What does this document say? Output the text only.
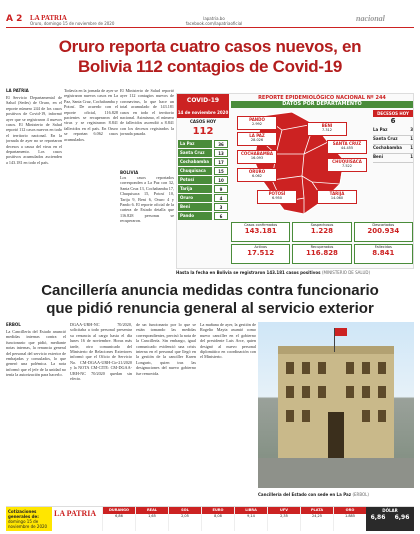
A 2 LA PATRIA
Oruro, domingo 15 de noviembre de 2020
lapatria.bo
facebook.com/lapatriaoficial
nacional
Oruro reporta cuatro casos nuevos, en
Bolivia 112 contagios de Covid-19
LA PATRIA
El Servicio Departamental de Salud (Sedes) de Oruro, en el reporte número 244 de los casos positivos de Covid-19, informó ayer que se registraron 4 nuevos casos. El Ministerio de Salud reportó 112 casos nuevos en todo el territorio nacional. En la jornada de ayer no se reportaron decesos a causa del virus en el departamento. Los casos positivos acumulados ascienden a 143.181 en todo el país.
Todavía en la jornada de ayer se registraron nuevos casos en La Paz, Santa Cruz, Cochabamba y Potosí. De acuerdo con el reporte oficial, 116.828 pacientes se recuperaron del virus y se registraron 8.841 fallecidos en el país. En Oruro se reportan 6.062 casos acumulados.
El Ministerio de Salud reportó ayer 112 contagios nuevos de coronavirus, lo que hace un total acumulado de 143.181 casos en todo el territorio nacional. Asimismo, el número de fallecidos ascendió a 8.841 con los decesos registrados la jornada pasada.
BOLIVIA
Los casos reportados corresponden a La Paz con 32, Santa Cruz 13, Cochabamba 17, Chuquisaca 15, Potosí 10, Tarija 9, Beni 6, Oruro 4 y Pando 6. El reporte oficial de la cartera de Estado detalla que 116.828 personas se recuperaron.
COVID-19	REPORTE EPIDEMIOLÓGICO NACIONAL Nº 244
DATOS POR DEPARTAMENTO
14 de noviembre 2020
CASOS HOY
112
La Paz	36
Santa Cruz	13
Cochabamba	17
Chuquisaca	15
Potosí	10
Tarija	9
Oruro	4
Beni	3
Pando	6
PANDO
2.992
LA PAZ
28.026
BENI
7.312
COCHABAMBA
16.093
ORURO
6.062
SANTA CRUZ
44.455
POTOSÍ
6.950
CHUQUISACA
7.522
TARIJA
14.060
DECESOS HOY
6
La Paz	3
Santa Cruz	1
Cochabamba 1
Beni	1
Casos confirmados
143.181
Sospechosos
1.228
Descartados
200.934
Activos
17.512
Recuperados
116.828
Fallecidos
8.841
Hasta la fecha en Bolivia se registraron 143.181 casos positivos (MINISTERIO DE SALUD)
Cancillería anuncia medidas contra funcionario
que pidió renuncia general al servicio exterior
ERBOL
La Cancillería del Estado anunció medidas internas contra el funcionario que pidió, mediante notas internas, la renuncia general del personal del servicio exterior de embajadas y consulados, lo que generó una polémica. La nota informó que el jefe de la unidad no tenía la autorización para hacerlo.
DGAA-URH-NC 70/2020, solicitaba a todo personal presentar su renuncia al cargo hasta el día lunes 16 de noviembre. Horas más tarde, otro comunicado del Ministerio de Relaciones Exteriores informó que el Oficio de Servicio No. CM-DGAA-URH-Cir-21/2020 y la NOTA CM-CITE: CM-DGAA-URH-NC 70/2020 quedan sin efecto.
de un funcionario por lo que se están tomando las medidas correspondientes, precisó la nota de la Cancillería. Sin embargo, igual comunicado evidenció una crisis interna en el personal que llegó en la gestión de la canciller Karen Longaric, quien tras las designaciones del nuevo gobierno fue removida.
La mañana de ayer, la gestión de Rogelio Mayta asumió como nuevo canciller en el gobierno del presidente Luis Arce, quien designó al nuevo personal diplomático en coordinación con el Ministerio.
Cancillería del Estado con sede en La Paz (ERBOL)
Cotizaciones generales de:
domingo 15 de noviembre de 2020
LA PATRIA	DURANGO
6,86
REAL
1,65
SOL
2,05
EURO
8,08
LIBRA
9,14
UFV
2,35
PLATA
24,25
ORO
1.885
DÓLAR
6,86 6,96
